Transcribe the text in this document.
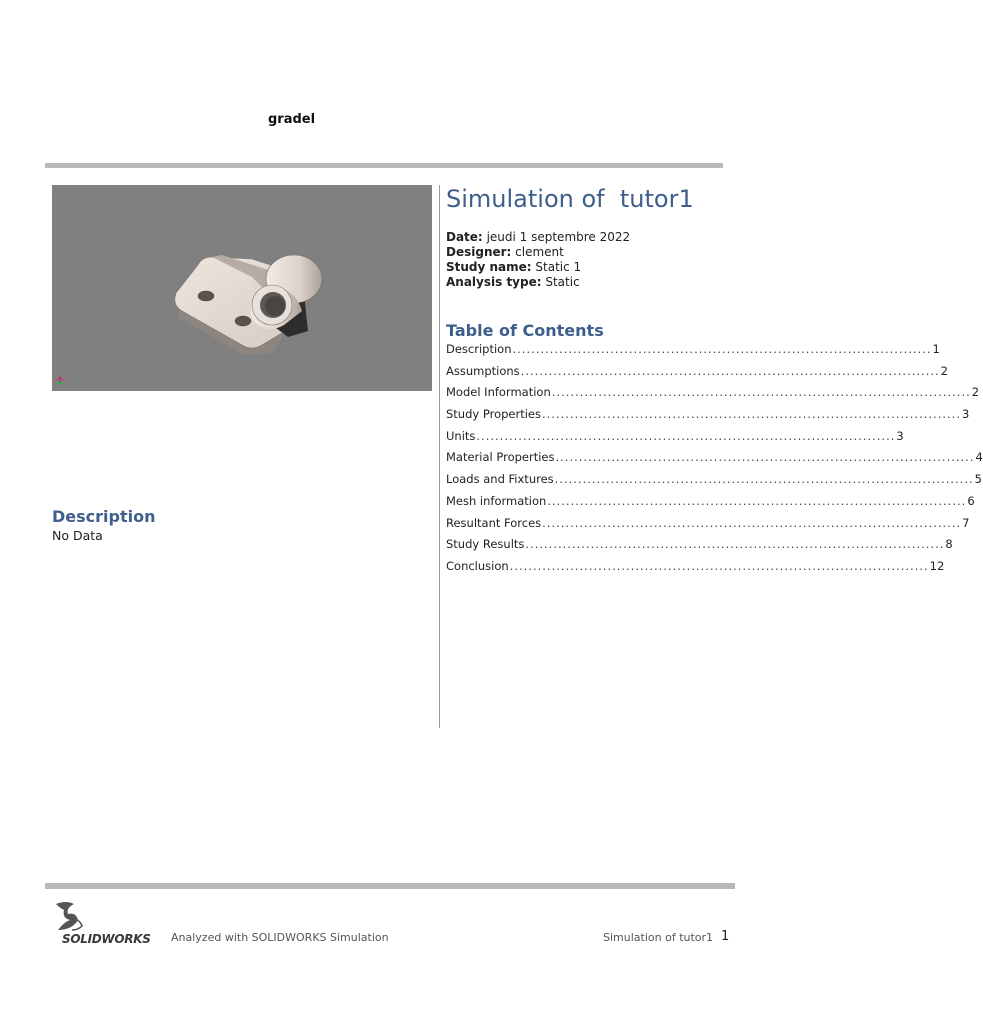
gradel
Description
No Data
Simulation of  tutor1
Date: jeudi 1 septembre 2022
Designer: clement
Study name: Static 1
Analysis type: Static
Table of Contents
Description .......................................................................................... 1
Assumptions .......................................................................................... 2
Model Information .......................................................................................... 2
Study Properties .......................................................................................... 3
Units .......................................................................................... 3
Material Properties .......................................................................................... 4
Loads and Fixtures .......................................................................................... 5
Mesh information .......................................................................................... 6
Resultant Forces .......................................................................................... 7
Study Results .......................................................................................... 8
Conclusion .......................................................................................... 12
SOLIDWORKS Analyzed with SOLIDWORKS Simulation	Simulation of tutor1 1
